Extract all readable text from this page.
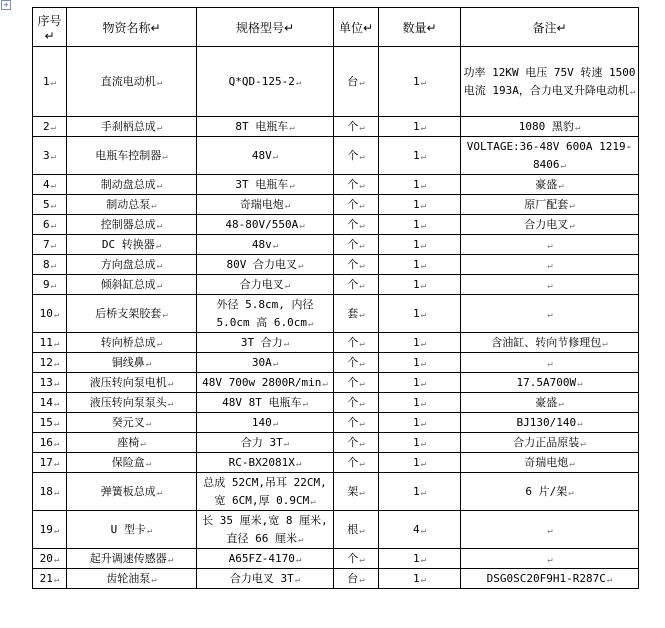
+
序号↵	物资名称↵	规格型号↵	单位↵	数量↵	备注↵
1↵	直流电动机↵	Q*QD-125-2↵	台↵	1↵	功率 12KW 电压 75V 转速 1500 电流 193A，合力电叉升降电动机↵
2↵	手刹柄总成↵	8T 电瓶车↵	个↵	1↵	1080 黑豹↵
3↵	电瓶车控制器↵	48V↵	个↵	1↵	VOLTAGE:36-48V 600A 1219-8406↵
4↵	制动盘总成↵	3T 电瓶车↵	个↵	1↵	豪盛↵
5↵	制动总泵↵	奇瑞电炮↵	个↵	1↵	原厂配套↵
6↵	控制器总成↵	48-80V/550A↵	个↵	1↵	合力电叉↵
7↵	DC 转换器↵	48v↵	个↵	1↵	↵
8↵	方向盘总成↵	80V 合力电叉↵	个↵	1↵	↵
9↵	倾斜缸总成↵	合力电叉↵	个↵	1↵	↵
10↵	后桥支架胶套↵	外径 5.8cm, 内径 5.0cm 高 6.0cm↵	套↵	1↵	↵
11↵	转向桥总成↵	3T 合力↵	个↵	1↵	含油缸、转向节修理包↵
12↵	铜线鼻↵	30A↵	个↵	1↵	↵
13↵	液压转向泵电机↵	48V 700w 2800R/min↵	个↵	1↵	17.5A700W↵
14↵	液压转向泵泵头↵	48V 8T 电瓶车↵	个↵	1↵	豪盛↵
15↵	癸元叉↵	140↵	个↵	1↵	BJ130/140↵
16↵	座椅↵	合力 3T↵	个↵	1↵	合力正品原装↵
17↵	保险盒↵	RC-BX2081X↵	个↵	1↵	奇瑞电炮↵
18↵	弹簧板总成↵	总成 52CM,吊耳 22CM, 宽 6CM,厚 0.9CM↵	架↵	1↵	6 片/架↵
19↵	U 型卡↵	长 35 厘米,宽 8 厘米, 直径 66 厘米↵	根↵	4↵	↵
20↵	起升调速传感器↵	A65FZ-4170↵	个↵	1↵	↵
21↵	齿轮油泵↵	合力电叉 3T↵	台↵	1↵	DSG0SC20F9H1-R287C↵
